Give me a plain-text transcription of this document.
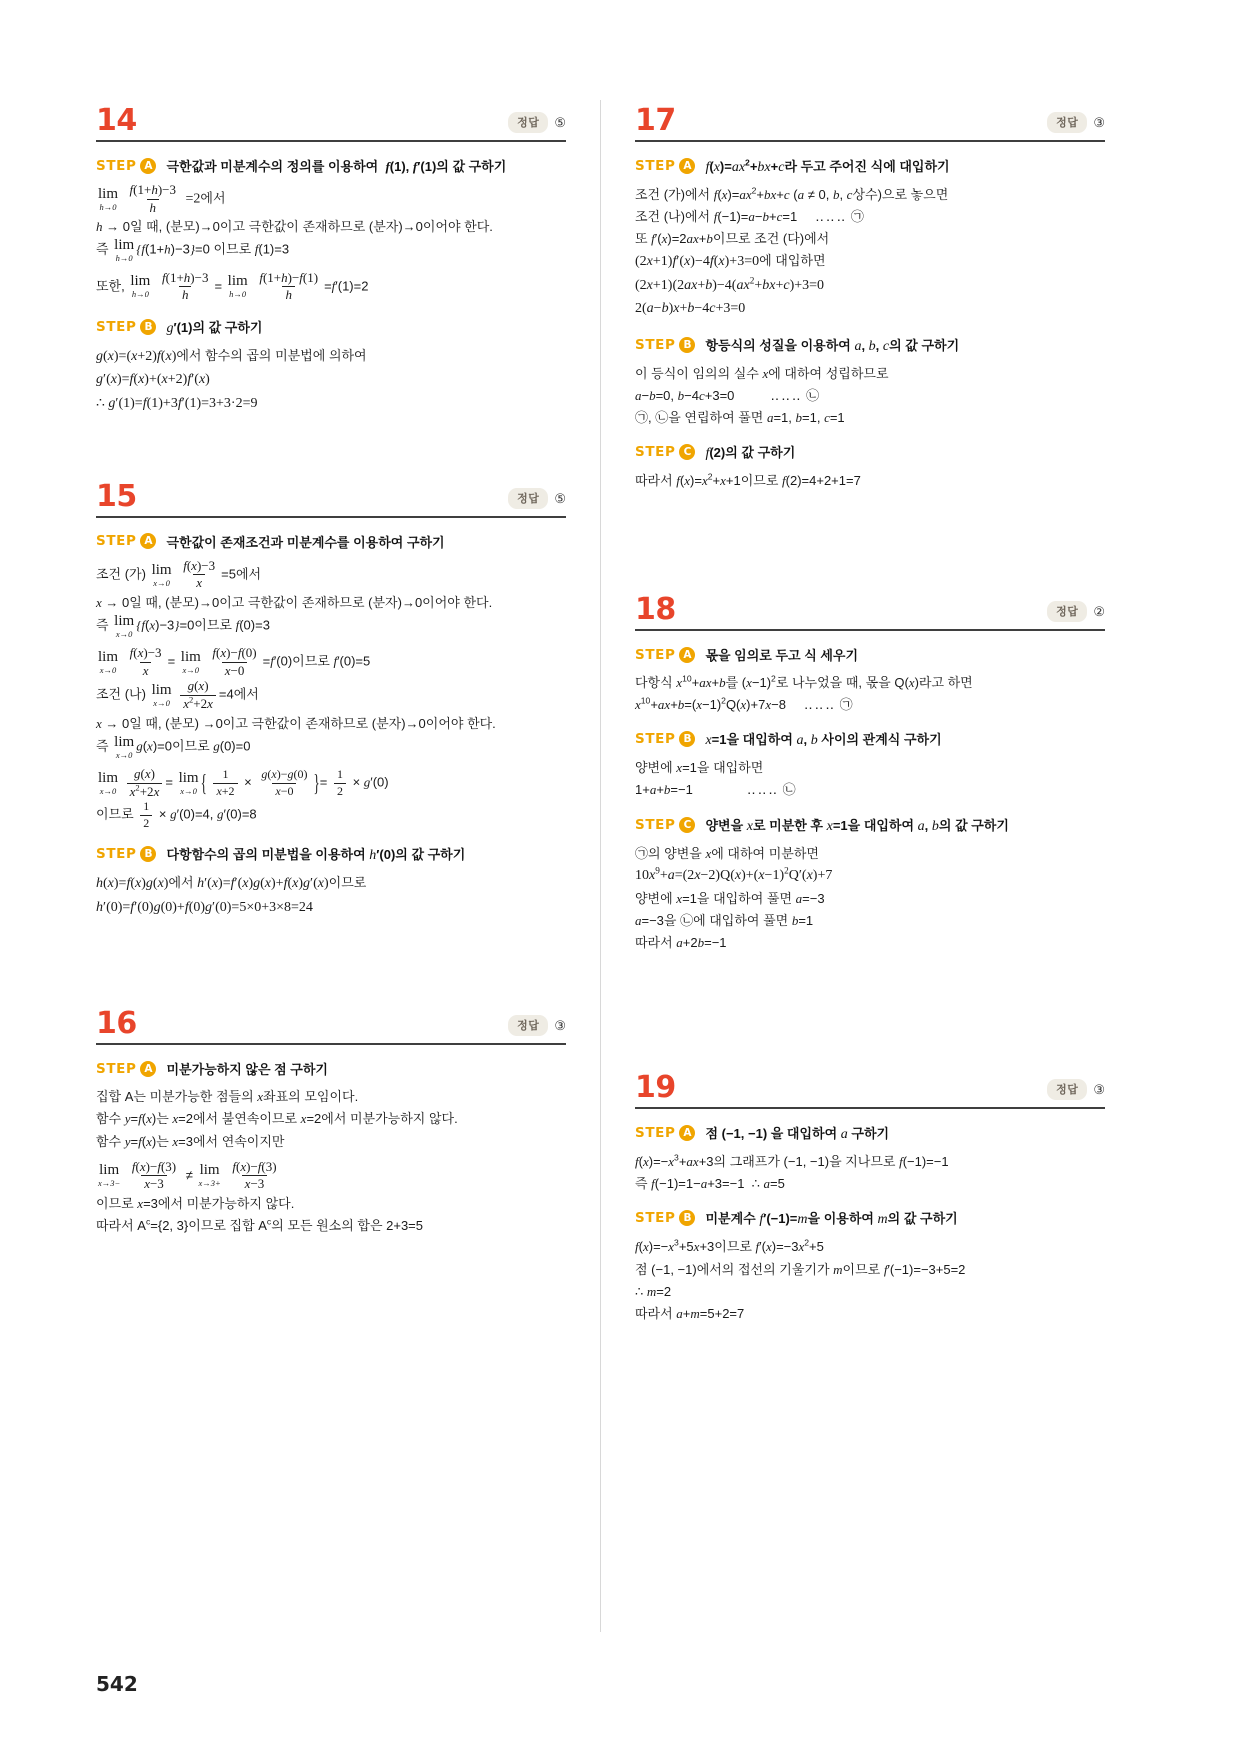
14	정답	⑤
STEP A	극한값과 미분계수의 정의를 이용하여  f(1), f′(1)의 값 구하기
lim
h→0
$\frac{f(1+h)-3}{h} =2$에서
h → 0일 때, (분모)→0이고 극한값이 존재하므로 (분자)→0이어야 한다.
즉 lim
h→0
{f(1+h)−3}=0 이므로 f(1)=3
또한, lim
h→0
$\frac{f(1+h)-3}{h} = \lim$
h→0
$\frac{f(1+h)-f(1)}{h} =f'(1)=2$
STEP B g′(1)의 값 구하기
g(x)=(x+2)f(x)에서 함수의 곱의 미분법에 의하여
g′(x)=f(x)+(x+2)f′(x)
∴ g′(1)=f(1)+3f′(1)=3+3·2=9
15	정답	⑤
STEP A	극한값이 존재조건과 미분계수를 이용하여 구하기
조건 (가) lim
x→0
$\frac{f(x)-3}{x} =5$에서
x → 0일 때, (분모)→0이고 극한값이 존재하므로 (분자)→0이어야 한다.
즉 lim
x→0
{f(x)−3}=0이므로 f(0)=3
lim
x→0
$\frac{f(x)-3}{x} = \lim$
x→0
$\frac{f(x)-f(0)}{x-0} =f'(0)$이므로 f′(0)=5
조건 (나) lim
x→0
$\frac{g(x)}{x^2+2x} =4$에서
x → 0일 때, (분모) →0이고 극한값이 존재하므로 (분자)→0이어야 한다.
즉 lim
x→0
g(x)=0이므로 g(0)=0
lim
x→0
$\frac{g(x)}{x^2+2x} = \lim$
x→0 { $\frac{1}{x+2} \times \frac{g(x)-g(0)}{x-0}$ }= $\frac{1}{2} \times g'(0)$
이므로 $\frac{1}{2} \times g'(0)=4$, g′(0)=8
STEP B	다항함수의 곱의 미분법을 이용하여 h′(0)의 값 구하기
h(x)=f(x)g(x)에서 h′(x)=f′(x)g(x)+f(x)g′(x)이므로
h′(0)=f′(0)g(0)+f(0)g′(0)=5×0+3×8=24
16	정답	③
STEP A	미분가능하지 않은 점 구하기
집합 A는 미분가능한 점들의 x좌표의 모임이다.
함수 y=f(x)는 x=2에서 불연속이므로 x=2에서 미분가능하지 않다.
함수 y=f(x)는 x=3에서 연속이지만
lim
x→3−
$\frac{f(x)-f(3)}{x-3} \ne \lim$
x→3+
$\frac{f(x)-f(3)}{x-3}$
이므로 x=3에서 미분가능하지 않다.
따라서 $A^c=\{2$, 3}이므로 집합 $A^c$의 모든 원소의 합은 2+3=5
17	정답	③
STEP A $f(x)=ax^2+bx+c$라 두고 주어진 식에 대입하기
조건 (가)에서 $f(x)=ax^2+bx+c$ (a ≠ 0, b, c상수)으로 놓으면
조건 (나)에서 f(−1)=a−b+c=1     ‥‥‥ ㉠
또 f′(x)=2ax+b이므로 조건 (다)에서
(2x+1)f′(x)−4f(x)+3=0에 대입하면
$(2x+1)(2ax+b)-4(ax^2+bx+c)+3=0$
2(a−b)x+b−4c+3=0
STEP B	항등식의 성질을 이용하여 a, b, c의 값 구하기
이 등식이 임의의 실수 x에 대하여 성립하므로
a−b=0, b−4c+3=0          ‥‥‥ ㉡
㉠, ㉡을 연립하여 풀면 a=1, b=1, c=1
STEP C f(2)의 값 구하기
따라서 $f(x)=x^2+x+1$이므로 f(2)=4+2+1=7
18	정답	②
STEP A	몫을 임의로 두고 식 세우기
다항식 $x^{10}+ax+b$를 $(x-1)^2$로 나누었을 때, 몫을 Q(x)라고 하면
$x^{10}+ax+b=(x-1)^2Q(x)+7x-8$     ‥‥‥ ㉠
STEP B x=1을 대입하여 a, b 사이의 관계식 구하기
양변에 x=1을 대입하면
1+a+b=−1               ‥‥‥ ㉡
STEP C	양변을 x로 미분한 후 x=1을 대입하여 a, b의 값 구하기
㉠의 양변을 x에 대하여 미분하면
$10x^9+a=(2x-2)Q(x)+(x-1)^2Q'(x)+7$
양변에 x=1을 대입하여 풀면 a=−3
a=−3을 ㉡에 대입하여 풀면 b=1
따라서 a+2b=−1
19	정답	③
STEP A	점 (−1, −1) 을 대입하여 a 구하기
$f(x)=-x^3+ax+3$의 그래프가 (−1, −1)을 지나므로 f(−1)=−1
즉 f(−1)=1−a+3=−1  ∴ a=5
STEP B	미분계수 f′(−1)=m을 이용하여 m의 값 구하기
$f(x)=-x^3+5x+3$이므로 $f'(x)=-3x^2+5$
점 (−1, −1)에서의 접선의 기울기가 m이므로 f′(−1)=−3+5=2
∴ m=2
따라서 a+m=5+2=7
542
